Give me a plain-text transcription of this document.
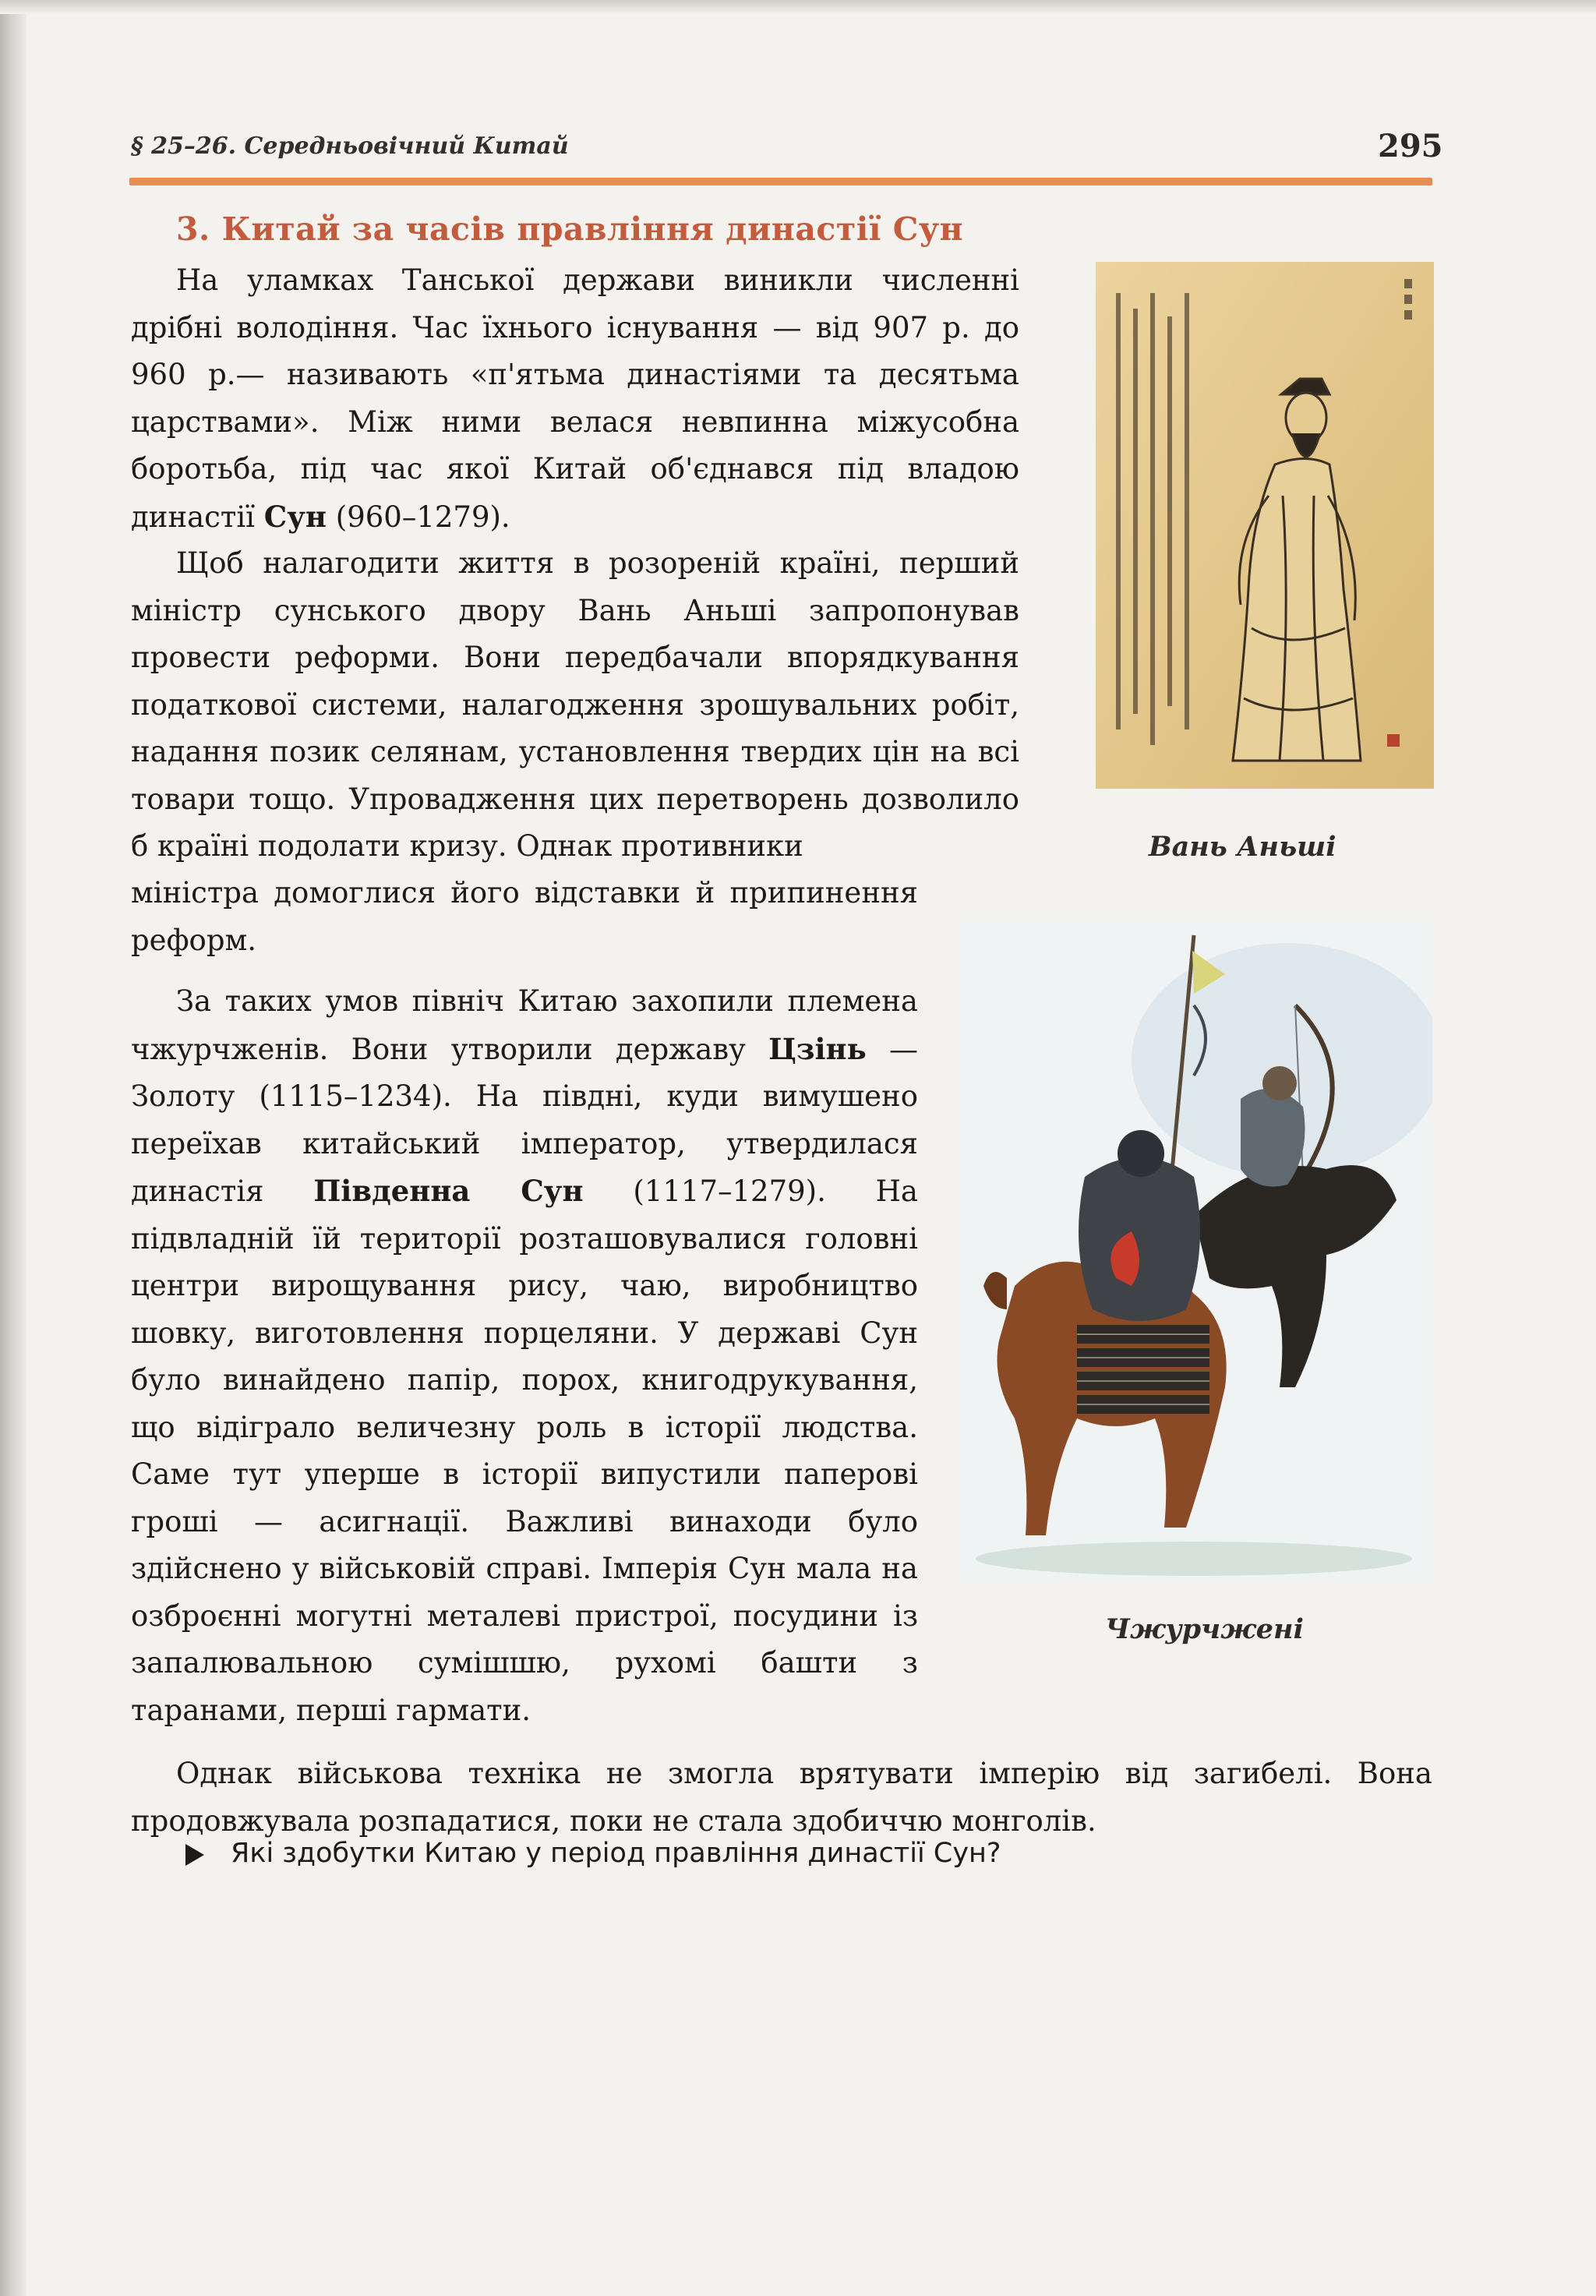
§ 25–26. Середньовічний Китай	295
3. Китай за часів правління династії Сун

На уламках Танської держави виникли численні дрібні володіння. Час їхнього існування — від 907 р. до 960 р.— називають «п'ятьма династіями та десятьма царствами». Між ними велася невпинна міжусобна боротьба, під час якої Китай об'єднався під владою династії Сун (960–1279).

Щоб налагодити життя в розореній країні, перший міністр сунського двору Вань Аньші запропонував провести реформи. Вони передбачали впорядкування податкової системи, налагодження зрошувальних робіт, надання позик селянам, установлення твердих цін на всі товари тощо. Упровадження цих перетворень дозволило б країні подолати кризу. Однак противники

міністра домоглися його відставки й припинення реформ.

За таких умов північ Китаю захопили племена чжурчженів. Вони утворили державу Цзінь — Золоту (1115–1234). На півдні, куди вимушено переїхав китайський імператор, утвердилася династія Південна Сун (1117–1279). На підвладній їй території розташовувалися головні центри вирощування рису, чаю, виробництво шовку, виготовлення порцеляни. У державі Сун було винайдено папір, порох, книгодрукування, що відіграло величезну роль в історії людства. Саме тут уперше в історії випустили паперові гроші — асигнації. Важливі винаходи було здійснено у військовій справі. Імперія Сун мала на озброєнні могутні металеві пристрої, посудини із запалювальною сумішшю, рухомі башти з таранами, перші гармати.

Однак військова техніка не змогла врятувати імперію від загибелі. Вона продовжувала розпадатися, поки не стала здобиччю монголів.

Які здобутки Китаю у період правління династії Сун?
Вань Аньші
Чжурчжені
